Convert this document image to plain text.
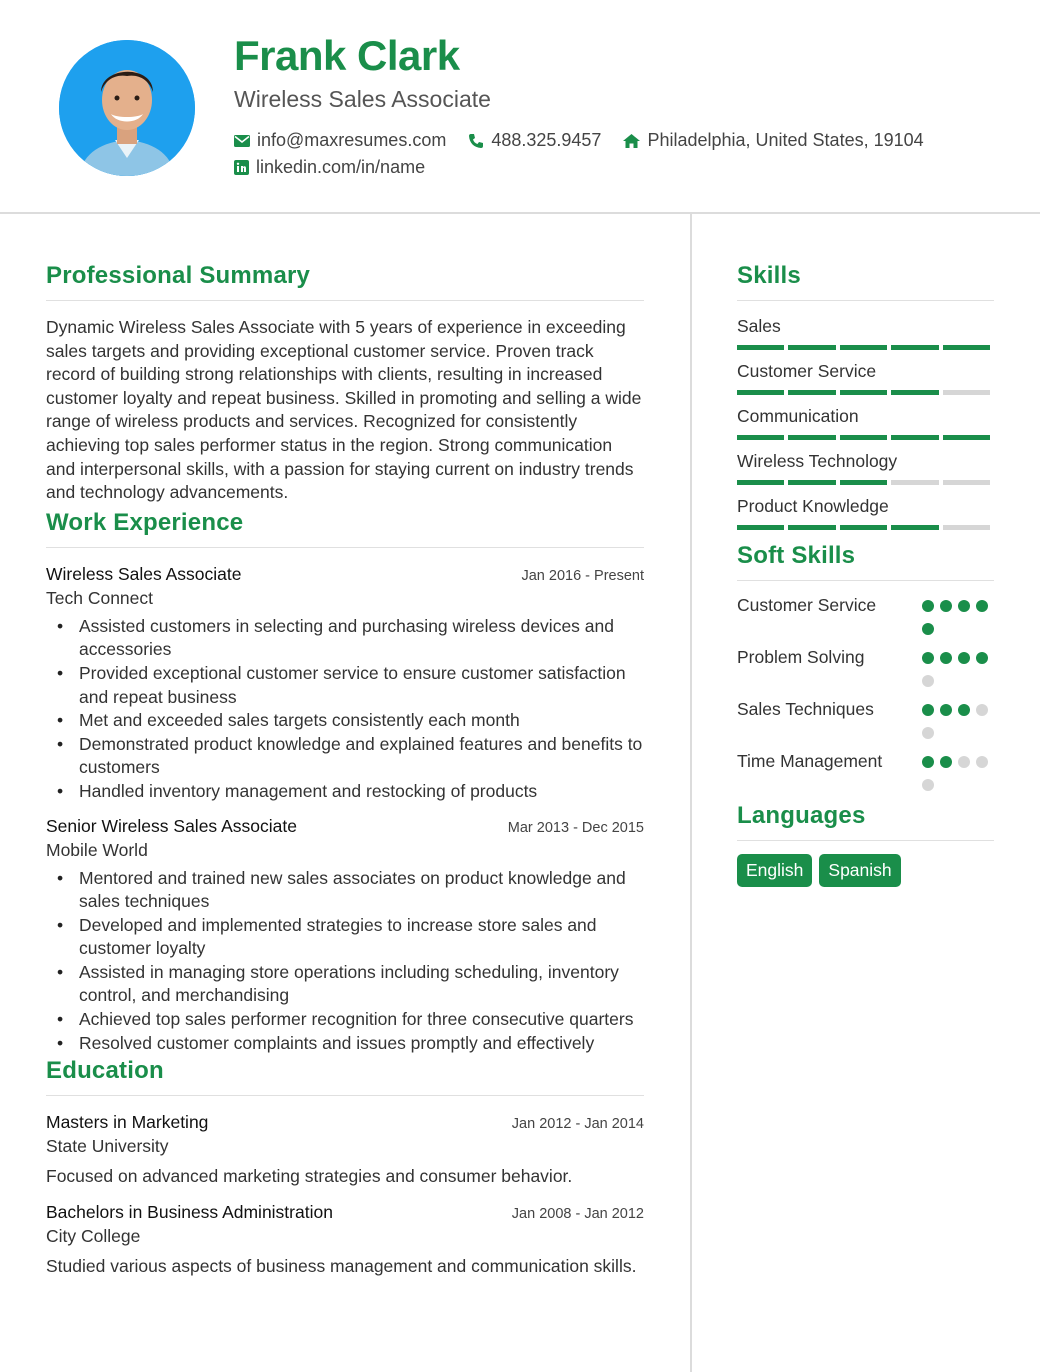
Frank Clark
Wireless Sales Associate
info@maxresumes.com	488.325.9457	Philadelphia, United States, 19104
linkedin.com/in/name
Professional Summary
Dynamic Wireless Sales Associate with 5 years of experience in exceeding sales targets and providing exceptional customer service. Proven track record of building strong relationships with clients, resulting in increased customer loyalty and repeat business. Skilled in promoting and selling a wide range of wireless products and services. Recognized for consistently achieving top sales performer status in the region. Strong communication and interpersonal skills, with a passion for staying current on industry trends and technology advancements.
Work Experience
Wireless Sales Associate	Jan 2016 - Present
Tech Connect
• Assisted customers in selecting and purchasing wireless devices and accessories
• Provided exceptional customer service to ensure customer satisfaction and repeat business
• Met and exceeded sales targets consistently each month
• Demonstrated product knowledge and explained features and benefits to customers
• Handled inventory management and restocking of products
Senior Wireless Sales Associate	Mar 2013 - Dec 2015
Mobile World
• Mentored and trained new sales associates on product knowledge and sales techniques
• Developed and implemented strategies to increase store sales and customer loyalty
• Assisted in managing store operations including scheduling, inventory control, and merchandising
• Achieved top sales performer recognition for three consecutive quarters
• Resolved customer complaints and issues promptly and effectively
Education
Masters in Marketing	Jan 2012 - Jan 2014
State University
Focused on advanced marketing strategies and consumer behavior.
Bachelors in Business Administration	Jan 2008 - Jan 2012
City College
Studied various aspects of business management and communication skills.
Skills
Sales
Customer Service
Communication
Wireless Technology
Product Knowledge
Soft Skills
Customer Service
Problem Solving
Sales Techniques
Time Management
Languages
English	Spanish
